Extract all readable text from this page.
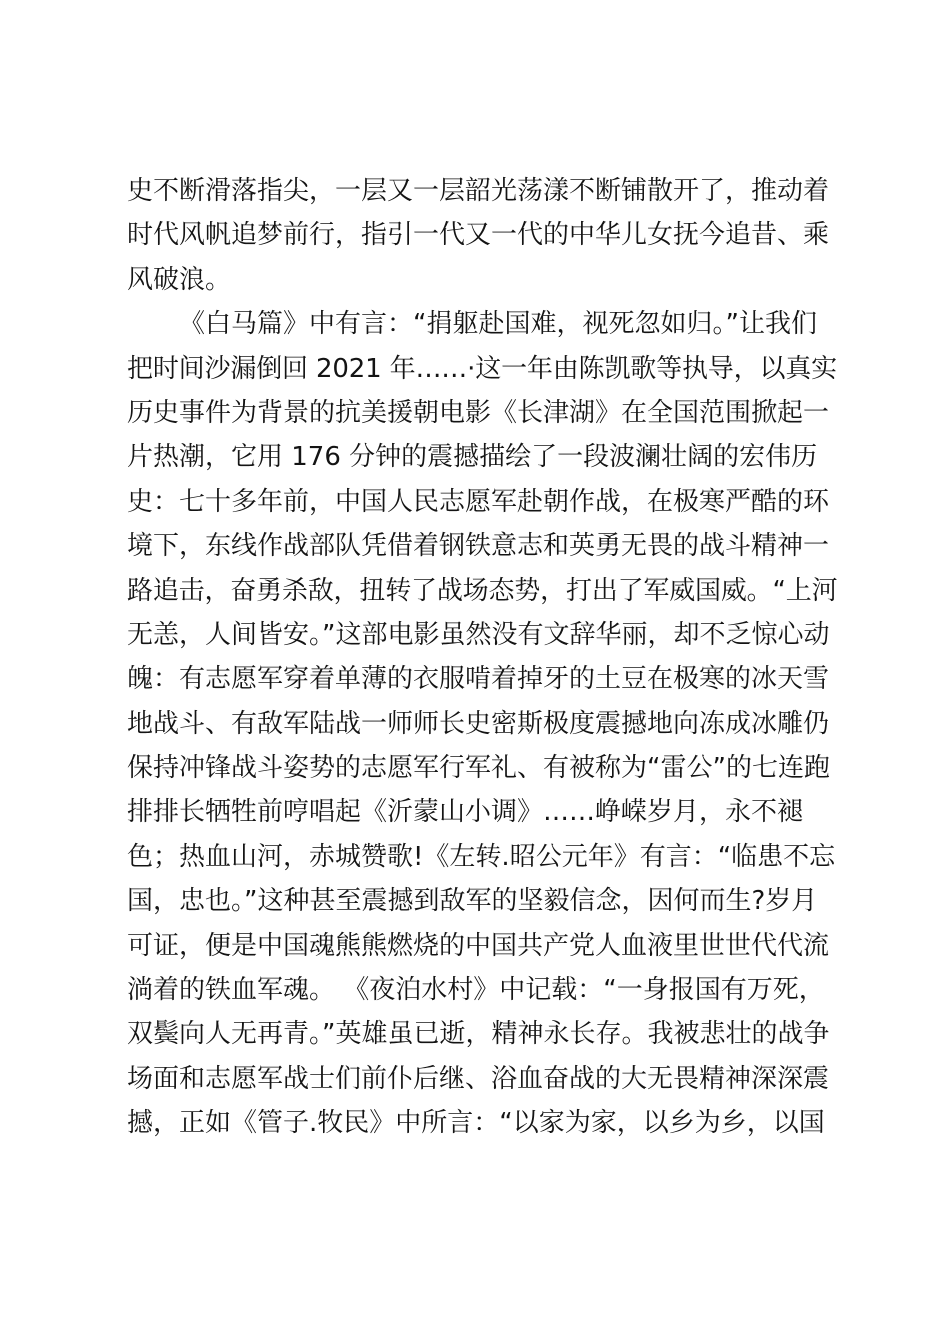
史不断滑落指尖，一层又一层韶光荡漾不断铺散开了，推动着
时代风帆追梦前行，指引一代又一代的中华儿女抚今追昔、乘
风破浪。
《白马篇》中有言：“捐躯赴国难，视死忽如归。”让我们
把时间沙漏倒回 2021 年……·这一年由陈凯歌等执导，以真实
历史事件为背景的抗美援朝电影《长津湖》在全国范围掀起一
片热潮，它用 176 分钟的震撼描绘了一段波澜壮阔的宏伟历
史：七十多年前，中国人民志愿军赴朝作战，在极寒严酷的环
境下，东线作战部队凭借着钢铁意志和英勇无畏的战斗精神一
路追击，奋勇杀敌，扭转了战场态势，打出了军威国威。“上河
无恙，人间皆安。”这部电影虽然没有文辞华丽，却不乏惊心动
魄：有志愿军穿着单薄的衣服啃着掉牙的土豆在极寒的冰天雪
地战斗、有敌军陆战一师师长史密斯极度震撼地向冻成冰雕仍
保持冲锋战斗姿势的志愿军行军礼、有被称为“雷公”的七连跑
排排长牺牲前哼唱起《沂蒙山小调》……峥嵘岁月，永不褪
色；热血山河，赤城赞歌!《左转.昭公元年》有言：“临患不忘
国，忠也。”这种甚至震撼到敌军的坚毅信念，因何而生?岁月
可证，便是中国魂熊熊燃烧的中国共产党人血液里世世代代流
淌着的铁血军魂。 《夜泊水村》中记载：“一身报国有万死，
双鬓向人无再青。”英雄虽已逝，精神永长存。我被悲壮的战争
场面和志愿军战士们前仆后继、浴血奋战的大无畏精神深深震
撼，正如《管子.牧民》中所言：“以家为家，以乡为乡，以国
